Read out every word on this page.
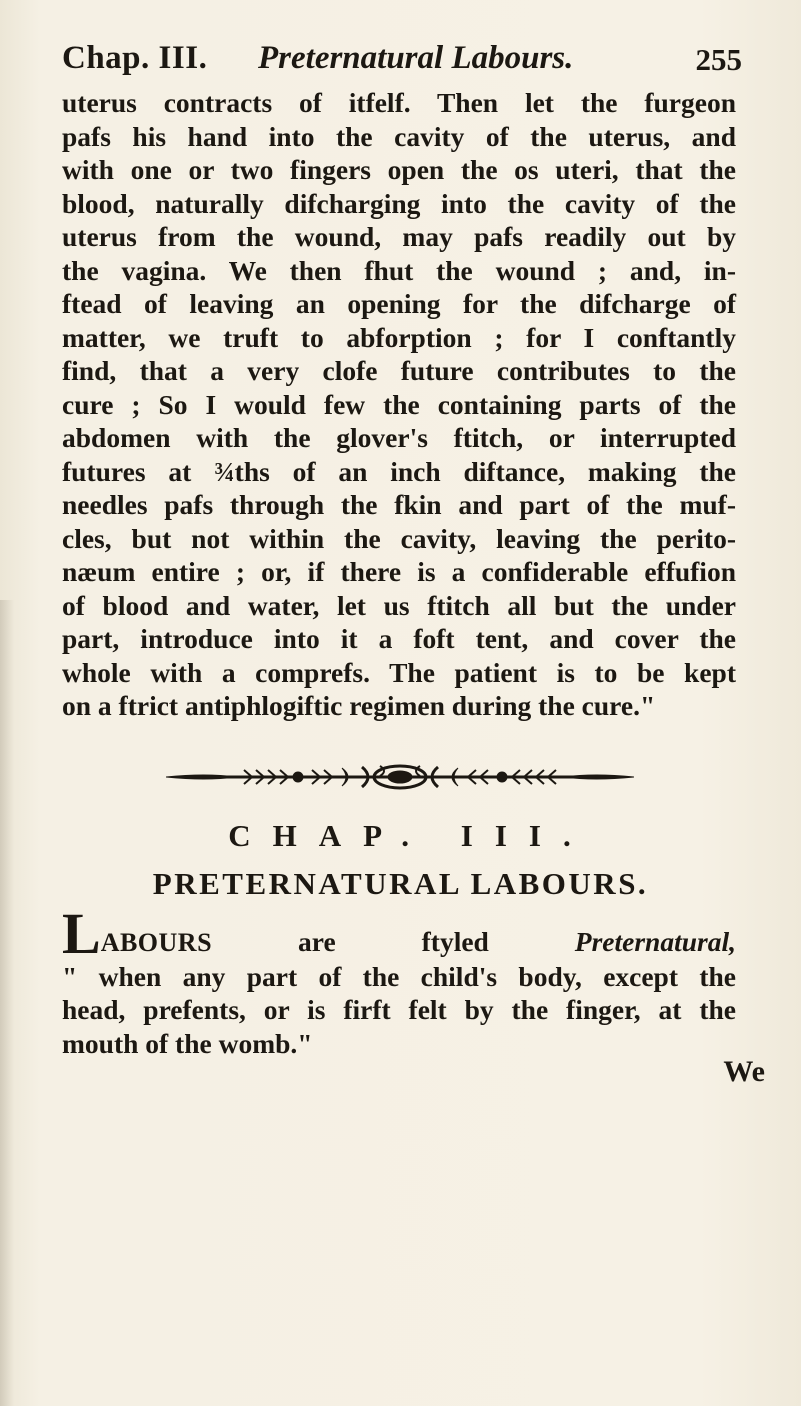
Chap. III. Preternatural Labours.	255
uterus contracts of itfelf. Then let the furgeon
pafs his hand into the cavity of the uterus, and
with one or two fingers open the os uteri, that the
blood, naturally difcharging into the cavity of the
uterus from the wound, may pafs readily out by
the vagina. We then fhut the wound ; and, in-
ftead of leaving an opening for the difcharge of
matter, we truft to abforption ; for I conftantly
find, that a very clofe future contributes to the
cure ; So I would few the containing parts of the
abdomen with the glover's ftitch, or interrupted
futures at ¾ths of an inch diftance, making the
needles pafs through the fkin and part of the muf-
cles, but not within the cavity, leaving the perito-
næum entire ; or, if there is a confiderable effufion
of blood and water, let us ftitch all but the under
part, introduce into it a foft tent, and cover the
whole with a comprefs. The patient is to be kept
on a ftrict antiphlogiftic regimen during the cure."
CHAP. III.
PRETERNATURAL LABOURS.
LABOURS are ftyled Preternatural,
" when any part of the child's body, except the
head, prefents, or is firft felt by the finger, at the
mouth of the womb."
We
